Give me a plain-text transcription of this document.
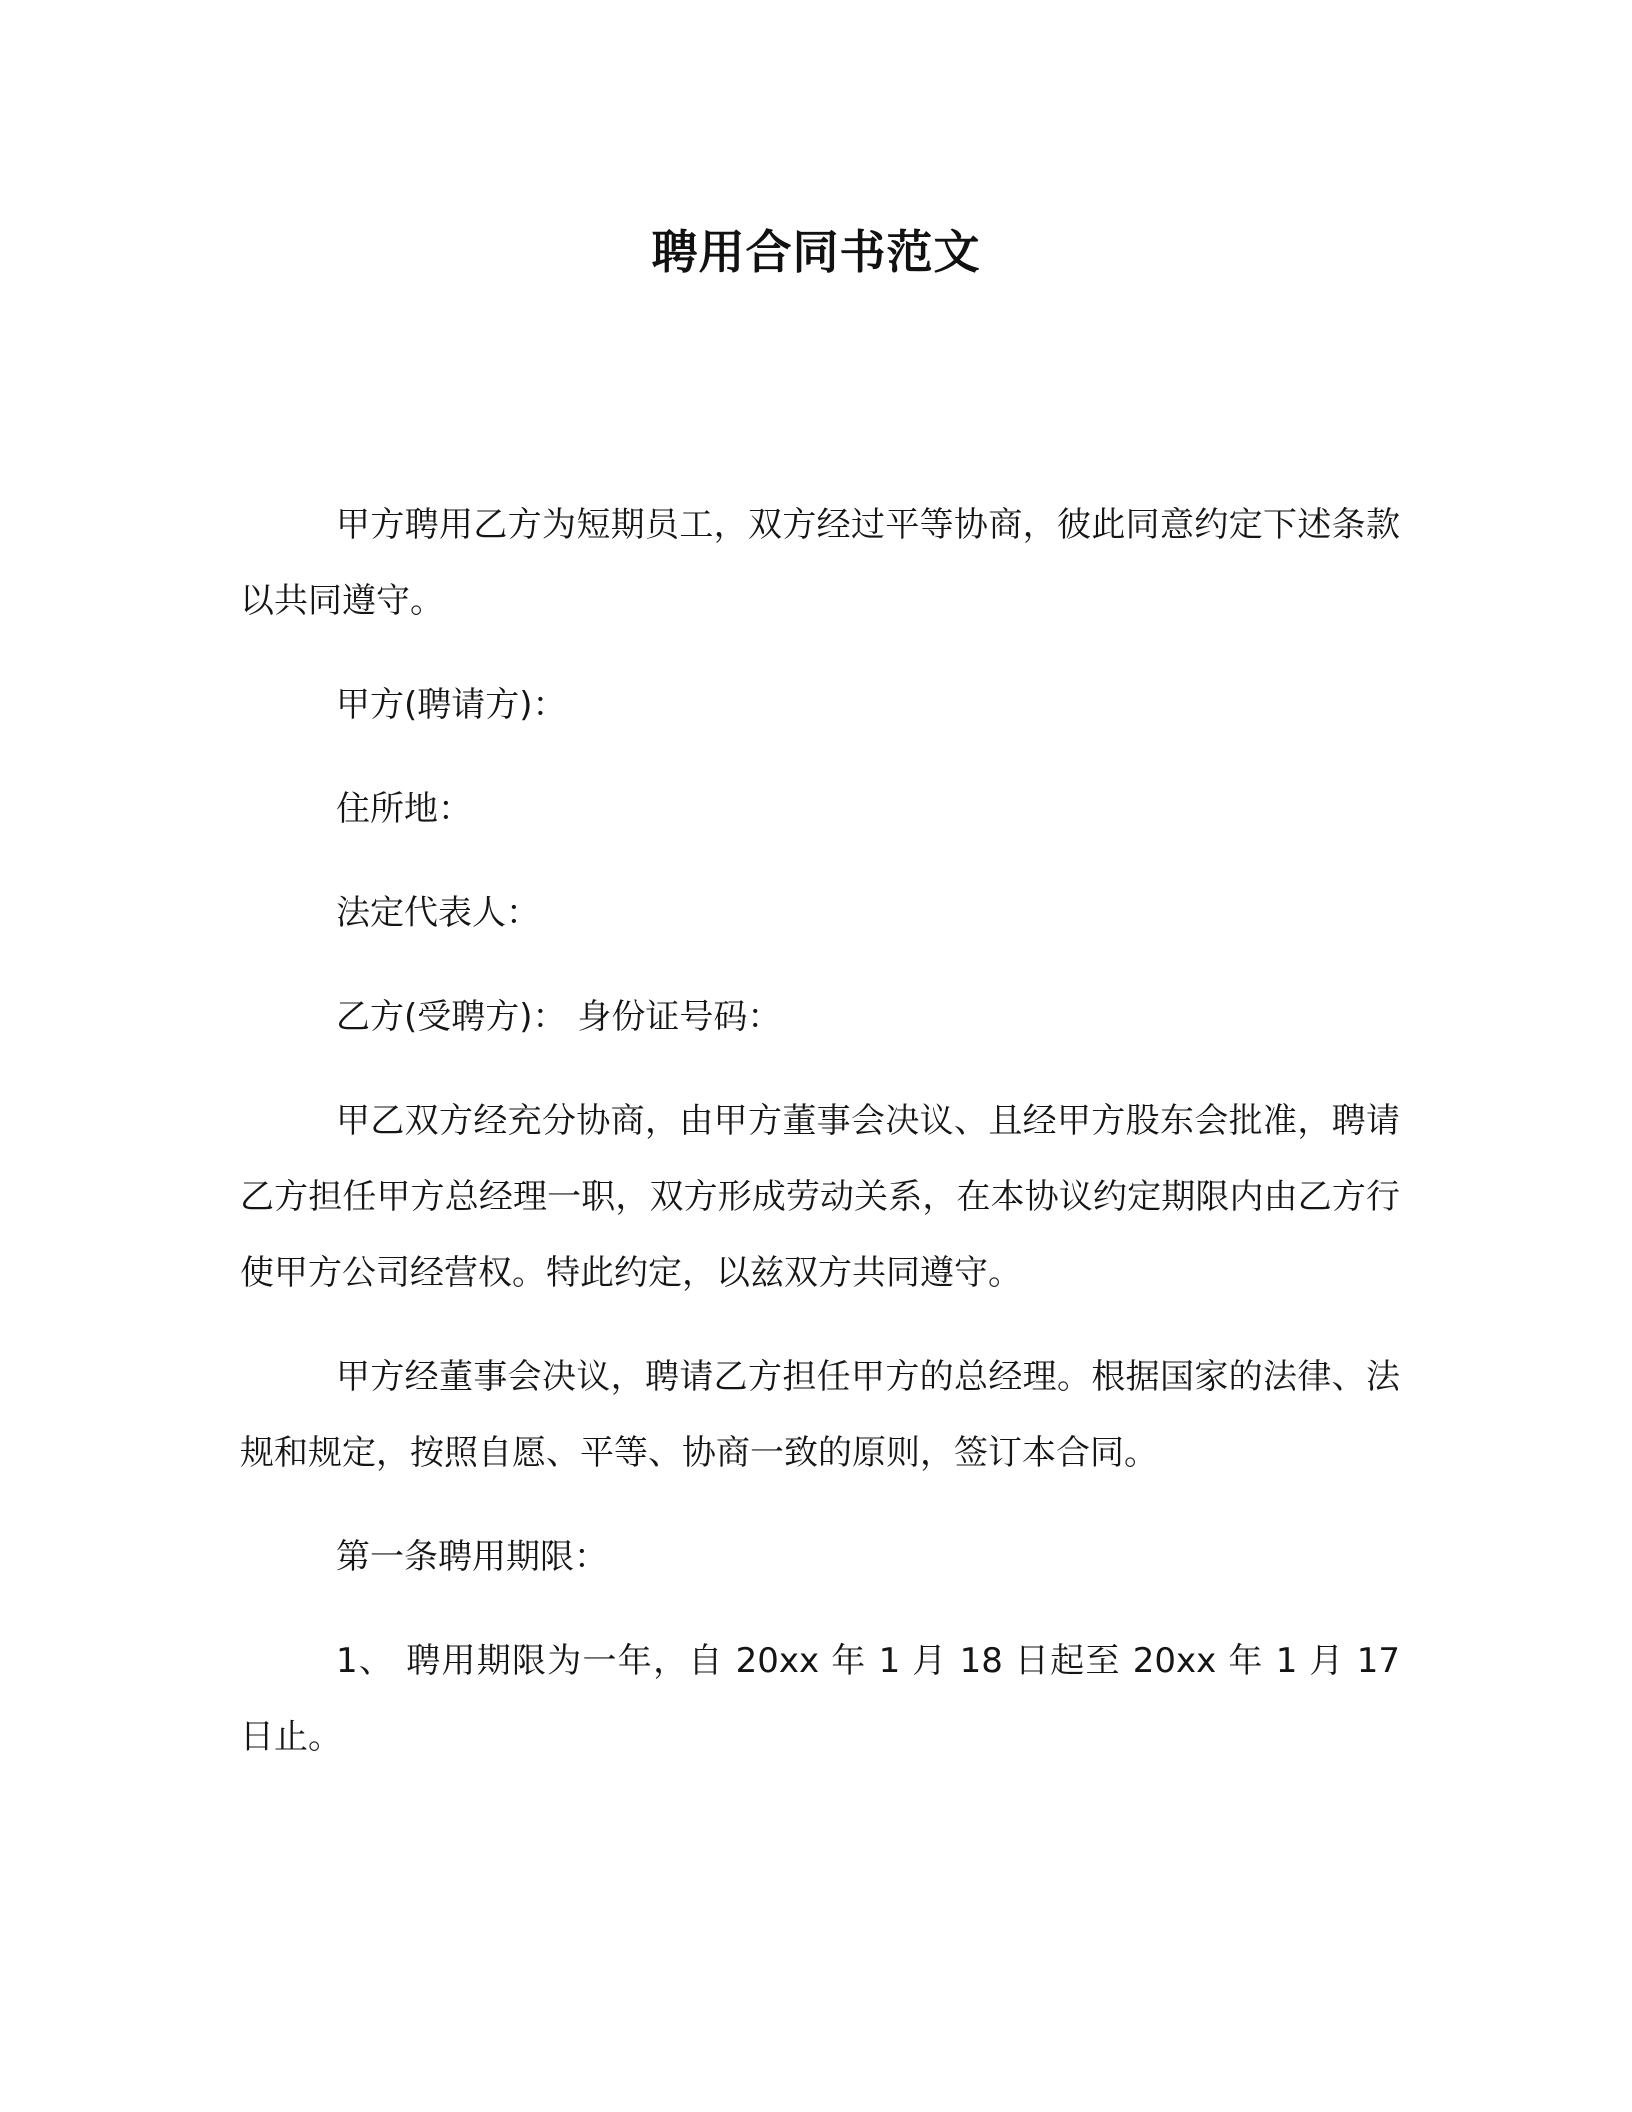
聘用合同书范文

甲方聘用乙方为短期员工，双方经过平等协商，彼此同意约定下述条款以共同遵守。

甲方(聘请方)：

住所地：

法定代表人：

乙方(受聘方)： 身份证号码：

甲乙双方经充分协商，由甲方董事会决议、且经甲方股东会批准，聘请乙方担任甲方总经理一职，双方形成劳动关系，在本协议约定期限内由乙方行使甲方公司经营权。特此约定，以兹双方共同遵守。

甲方经董事会决议，聘请乙方担任甲方的总经理。根据国家的法律、法规和规定，按照自愿、平等、协商一致的原则，签订本合同。

第一条聘用期限：

1、 聘用期限为一年，自 20xx 年 1 月 18 日起至 20xx 年 1 月 17 日止。
